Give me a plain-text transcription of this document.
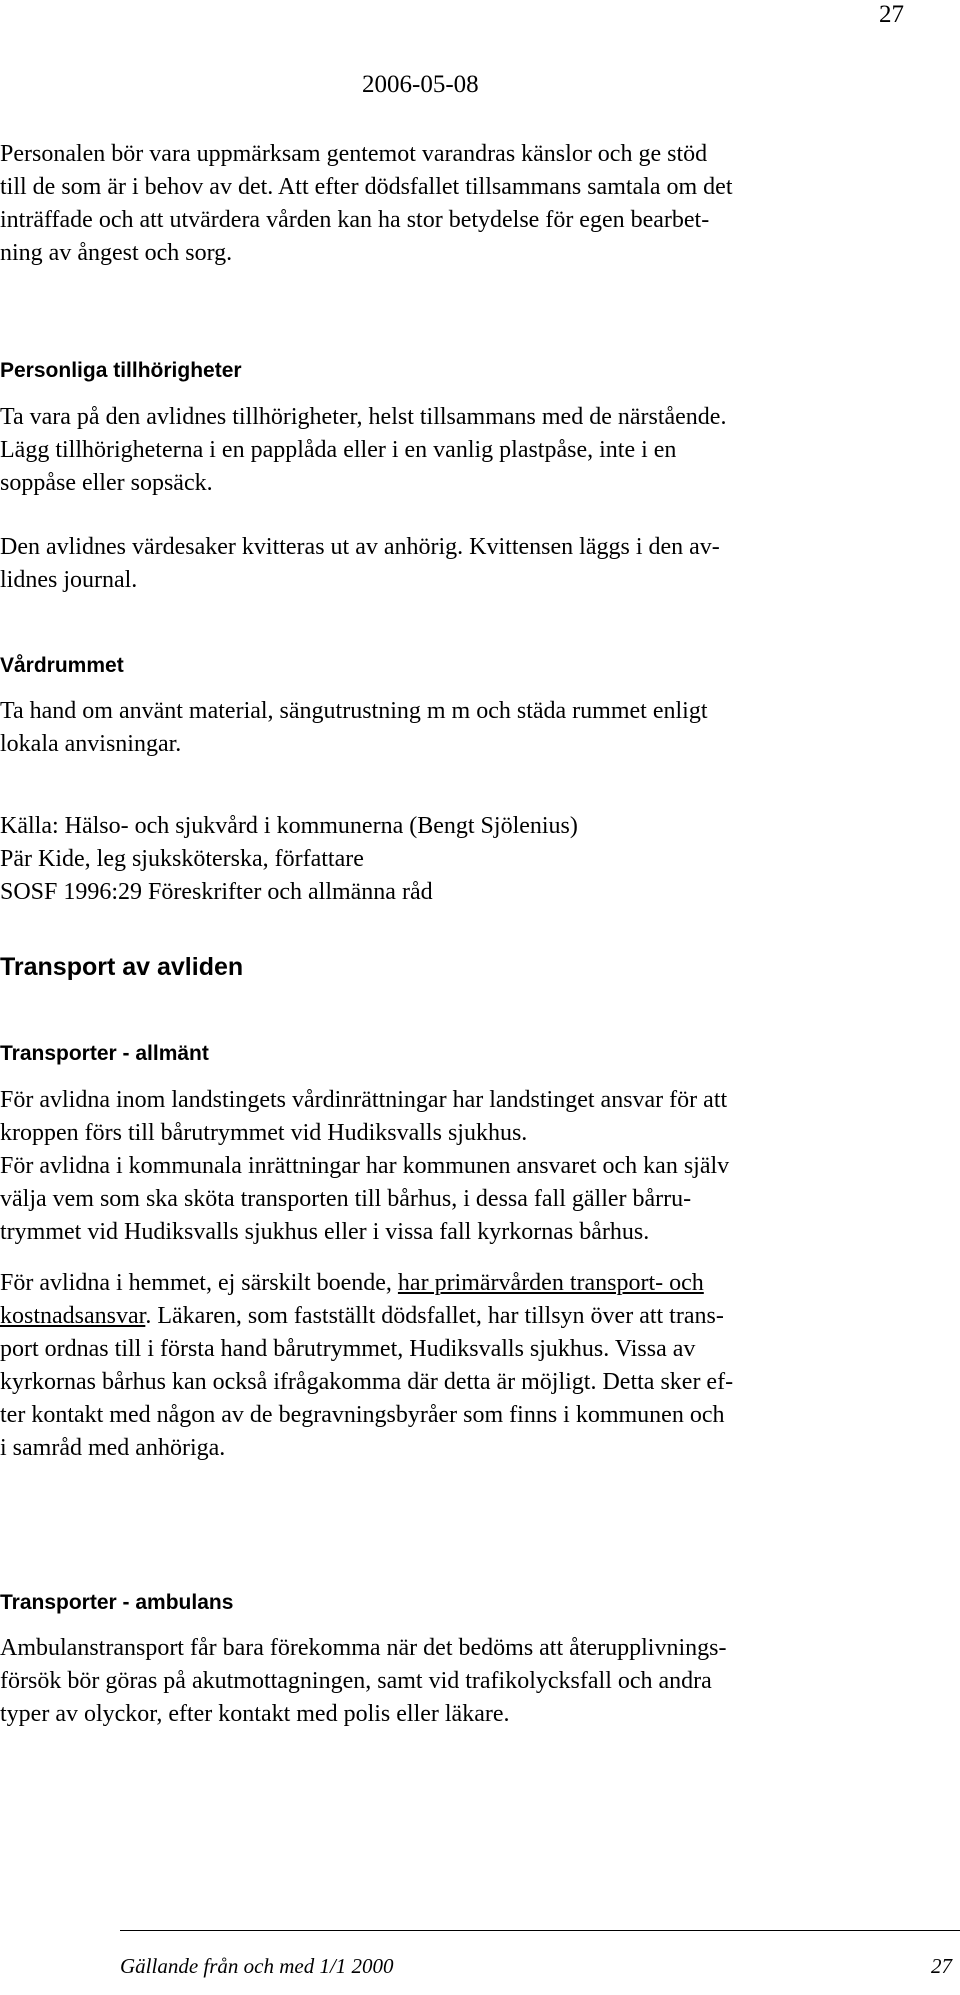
27
2006-05-08

Personalen bör vara uppmärksam gentemot varandras känslor och ge stöd

till de som är i behov av det. Att efter dödsfallet tillsammans samtala om det

inträffade och att utvärdera vården kan ha stor betydelse för egen bearbet-

ning av ångest och sorg.

Personliga tillhörigheter

Ta vara på den avlidnes tillhörigheter, helst tillsammans med de närstående.

Lägg tillhörigheterna i en papplåda eller i en vanlig plastpåse, inte i en

soppåse eller sopsäck.

Den avlidnes värdesaker kvitteras ut av anhörig. Kvittensen läggs i den av-

lidnes journal.

Vårdrummet

Ta hand om använt material, sängutrustning m m och städa rummet enligt

lokala anvisningar.

Källa: Hälso- och sjukvård i kommunerna (Bengt Sjölenius)

Pär Kide, leg sjuksköterska, författare

SOSF 1996:29 Föreskrifter och allmänna råd

Transport av avliden
Transporter - allmänt

För avlidna inom landstingets vårdinrättningar har landstinget ansvar för att

kroppen förs till bårutrymmet vid Hudiksvalls sjukhus.

För avlidna i kommunala inrättningar har kommunen ansvaret och kan själv

välja vem som ska sköta transporten till bårhus, i dessa fall gäller bårru-

trymmet vid Hudiksvalls sjukhus eller i vissa fall kyrkornas bårhus.

För avlidna i hemmet, ej särskilt boende, har primärvården transport- och

kostnadsansvar. Läkaren, som fastställt dödsfallet, har tillsyn över att trans-

port ordnas till i första hand bårutrymmet, Hudiksvalls sjukhus. Vissa av

kyrkornas bårhus kan också ifrågakomma där detta är möjligt. Detta sker ef-

ter kontakt med någon av de begravningsbyråer som finns i kommunen och

i samråd med anhöriga.

Transporter - ambulans

Ambulanstransport får bara förekomma när det bedöms att återupplivnings-

försök bör göras på akutmottagningen, samt vid trafikolycksfall och andra

typer av olyckor, efter kontakt med polis eller läkare.

Gällande från och med 1/1 2000	27
